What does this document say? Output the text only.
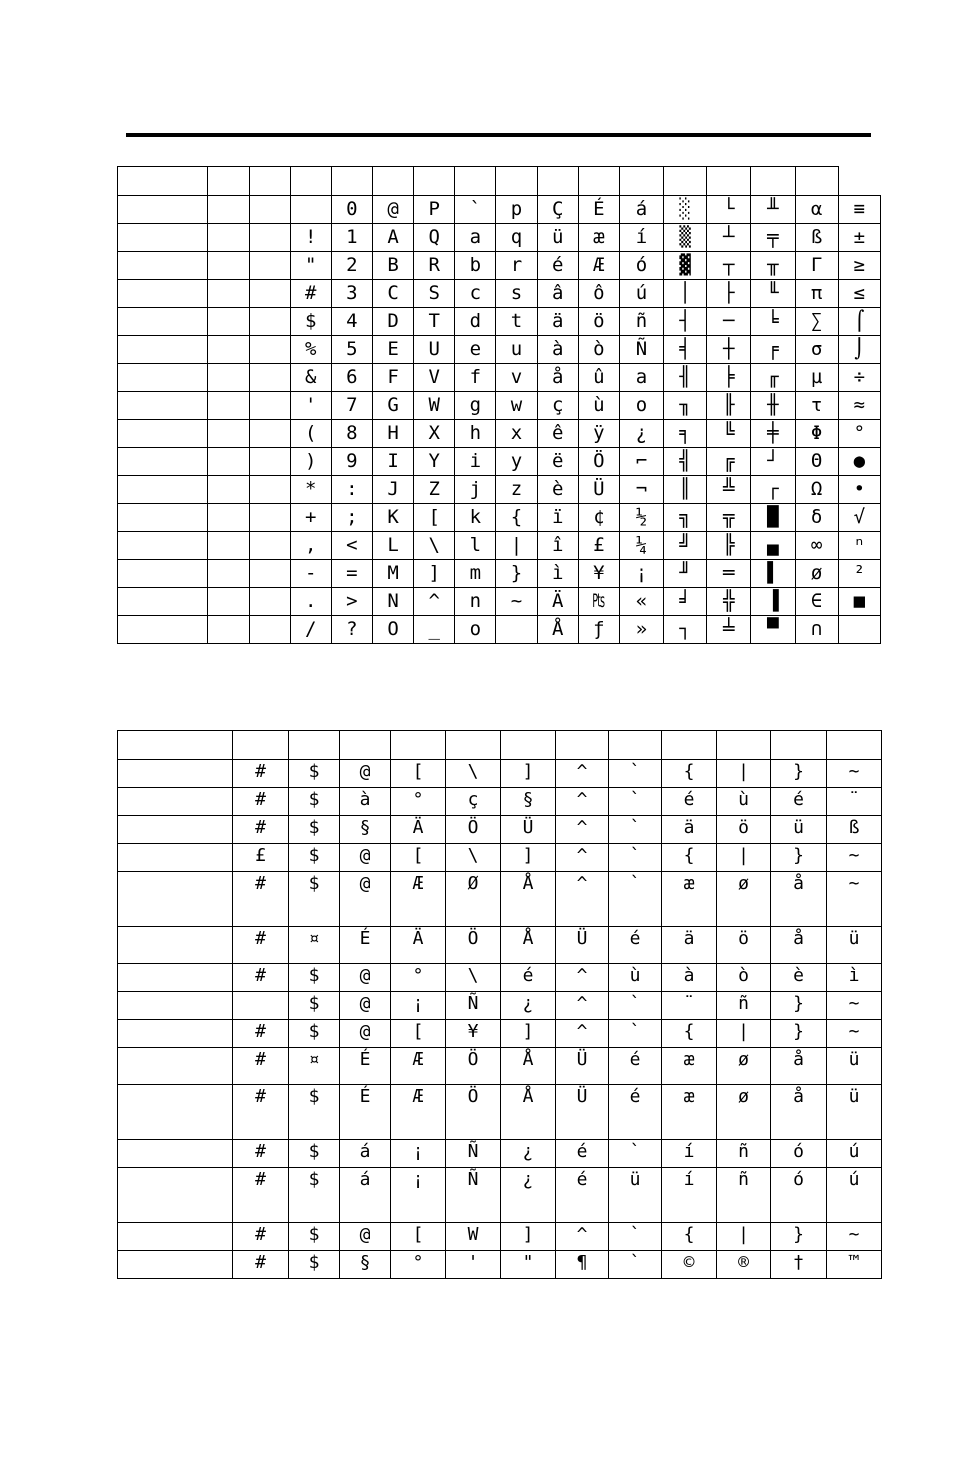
				0	@	P	`	p	Ç	É	á	░	└	╨	α	≡
			!	1	A	Q	a	q	ü	æ	í	▒	┴	╤	ß	±
			"	2	B	R	b	r	é	Æ	ó	▓	┬	╥	Γ	≥
			#	3	C	S	c	s	â	ô	ú	│	├	╙	π	≤
			$	4	D	T	d	t	ä	ö	ñ	┤	─	╘	∑	⌠
			%	5	E	U	e	u	à	ò	Ñ	╡	┼	╒	σ	⌡
			&	6	F	V	f	v	å	û	a	╢	╞	╓	µ	÷
			'	7	G	W	g	w	ç	ù	o	╖	╟	╫	τ	≈
			(	8	H	X	h	x	ê	ÿ	¿	╕	╚	╪	Φ	°
			)	9	I	Y	i	y	ë	Ö	⌐	╣	╔	┘	Θ	●
			*	:	J	Z	j	z	è	Ü	¬	║	╩	┌	Ω	•
			+	;	K	[	k	{	ï	¢	½	╗	╦	█	δ	√
			,	<	L	\	l	|	î	£	¼	╝	╠	▄	∞	ⁿ
			-	=	M	]	m	}	ì	¥	¡	╜	═	▌	ø	²
			.	>	N	^	n	~	Ä	₧	«	╛	╬	▐	∈	■
			/	?	O	_	o		Å	ƒ	»	┐	╧	▀	∩	

	#	$	@	[	\	]	^	`	{	|	}	~
	#	$	à	°	ç	§	^	`	é	ù	é	¨
	#	$	§	Ä	Ö	Ü	^	`	ä	ö	ü	ß
	£	$	@	[	\	]	^	`	{	|	}	~
	#	$	@	Æ	Ø	Å	^	`	æ	ø	å	~
	#	¤	É	Ä	Ö	Å	Ü	é	ä	ö	å	ü
	#	$	@	°	\	é	^	ù	à	ò	è	ì
		$	@	¡	Ñ	¿	^	`	¨	ñ	}	~
	#	$	@	[	¥	]	^	`	{	|	}	~
	#	¤	É	Æ	Ö	Å	Ü	é	æ	ø	å	ü
	#	$	É	Æ	Ö	Å	Ü	é	æ	ø	å	ü
	#	$	á	¡	Ñ	¿	é	`	í	ñ	ó	ú
	#	$	á	¡	Ñ	¿	é	ü	í	ñ	ó	ú
	#	$	@	[	W	]	^	`	{	|	}	~
	#	$	§	°	'	"	¶	`	©	®	†	™
